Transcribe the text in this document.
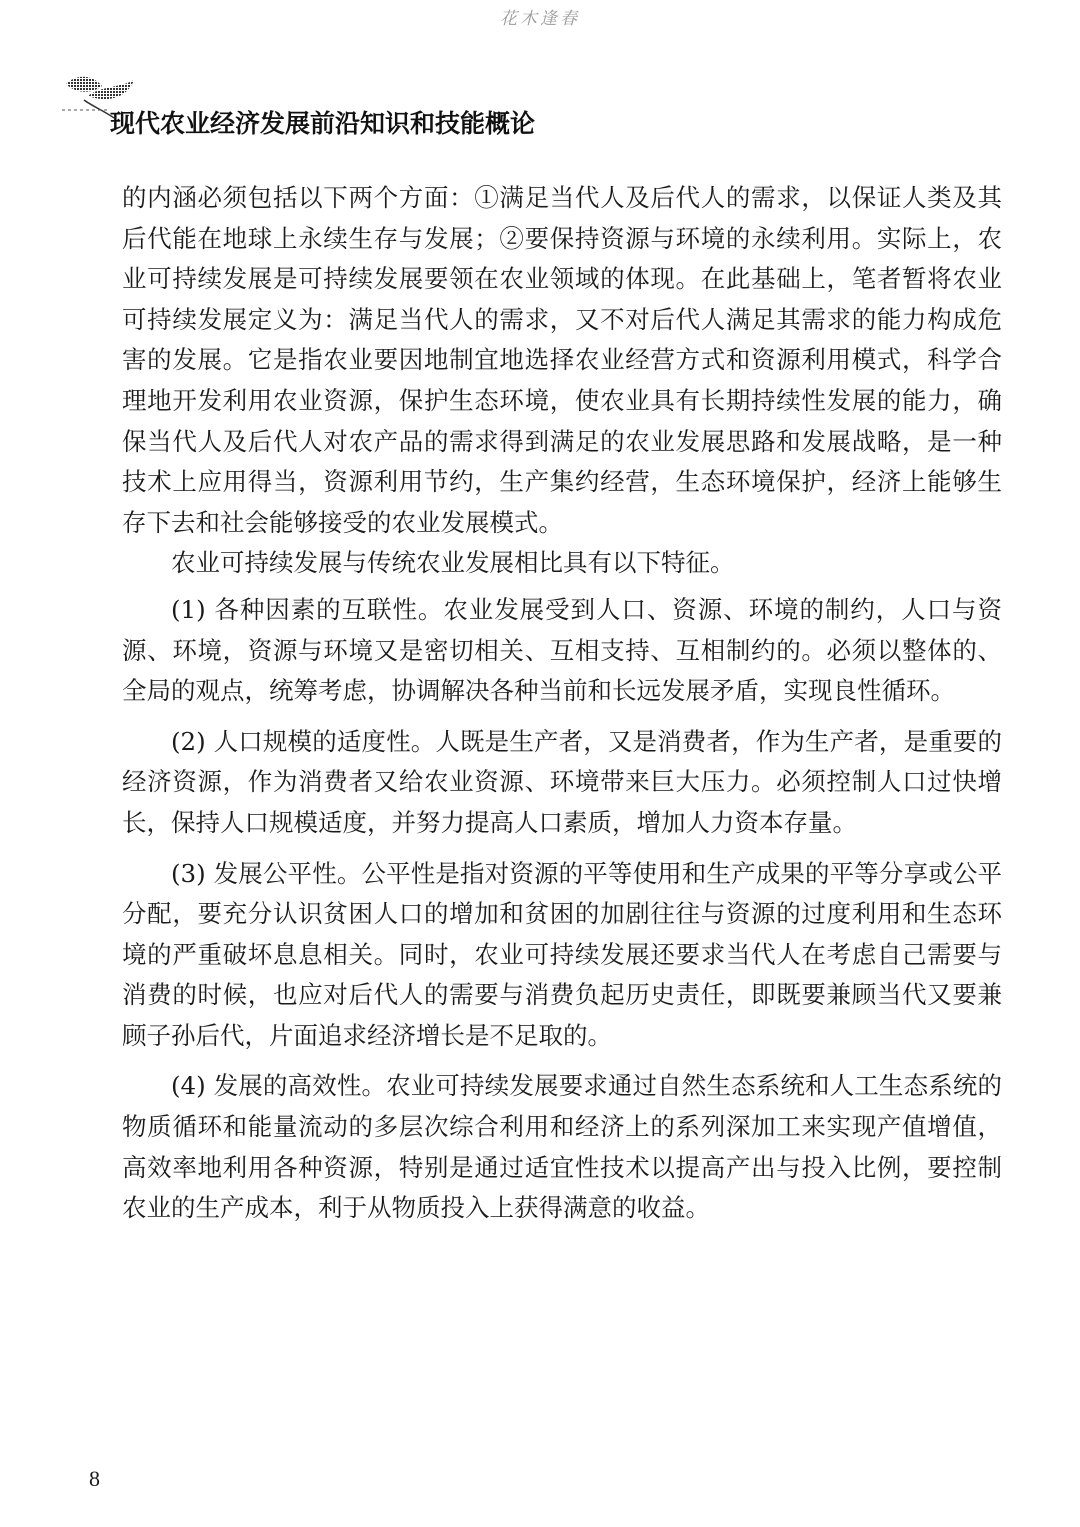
花木逢春
现代农业经济发展前沿知识和技能概论

的内涵必须包括以下两个方面：①满足当代人及后代人的需求，以保证人类及其后代能在地球上永续生存与发展；②要保持资源与环境的永续利用。实际上，农业可持续发展是可持续发展要领在农业领域的体现。在此基础上，笔者暂将农业可持续发展定义为：满足当代人的需求，又不对后代人满足其需求的能力构成危害的发展。它是指农业要因地制宜地选择农业经营方式和资源利用模式，科学合理地开发利用农业资源，保护生态环境，使农业具有长期持续性发展的能力，确保当代人及后代人对农产品的需求得到满足的农业发展思路和发展战略，是一种技术上应用得当，资源利用节约，生产集约经营，生态环境保护，经济上能够生存下去和社会能够接受的农业发展模式。

农业可持续发展与传统农业发展相比具有以下特征。

(1) 各种因素的互联性。农业发展受到人口、资源、环境的制约，人口与资源、环境，资源与环境又是密切相关、互相支持、互相制约的。必须以整体的、全局的观点，统筹考虑，协调解决各种当前和长远发展矛盾，实现良性循环。

(2) 人口规模的适度性。人既是生产者，又是消费者，作为生产者，是重要的经济资源，作为消费者又给农业资源、环境带来巨大压力。必须控制人口过快增长，保持人口规模适度，并努力提高人口素质，增加人力资本存量。

(3) 发展公平性。公平性是指对资源的平等使用和生产成果的平等分享或公平分配，要充分认识贫困人口的增加和贫困的加剧往往与资源的过度利用和生态环境的严重破坏息息相关。同时，农业可持续发展还要求当代人在考虑自己需要与消费的时候，也应对后代人的需要与消费负起历史责任，即既要兼顾当代又要兼顾子孙后代，片面追求经济增长是不足取的。

(4) 发展的高效性。农业可持续发展要求通过自然生态系统和人工生态系统的物质循环和能量流动的多层次综合利用和经济上的系列深加工来实现产值增值，高效率地利用各种资源，特别是通过适宜性技术以提高产出与投入比例，要控制农业的生产成本，利于从物质投入上获得满意的收益。

8
